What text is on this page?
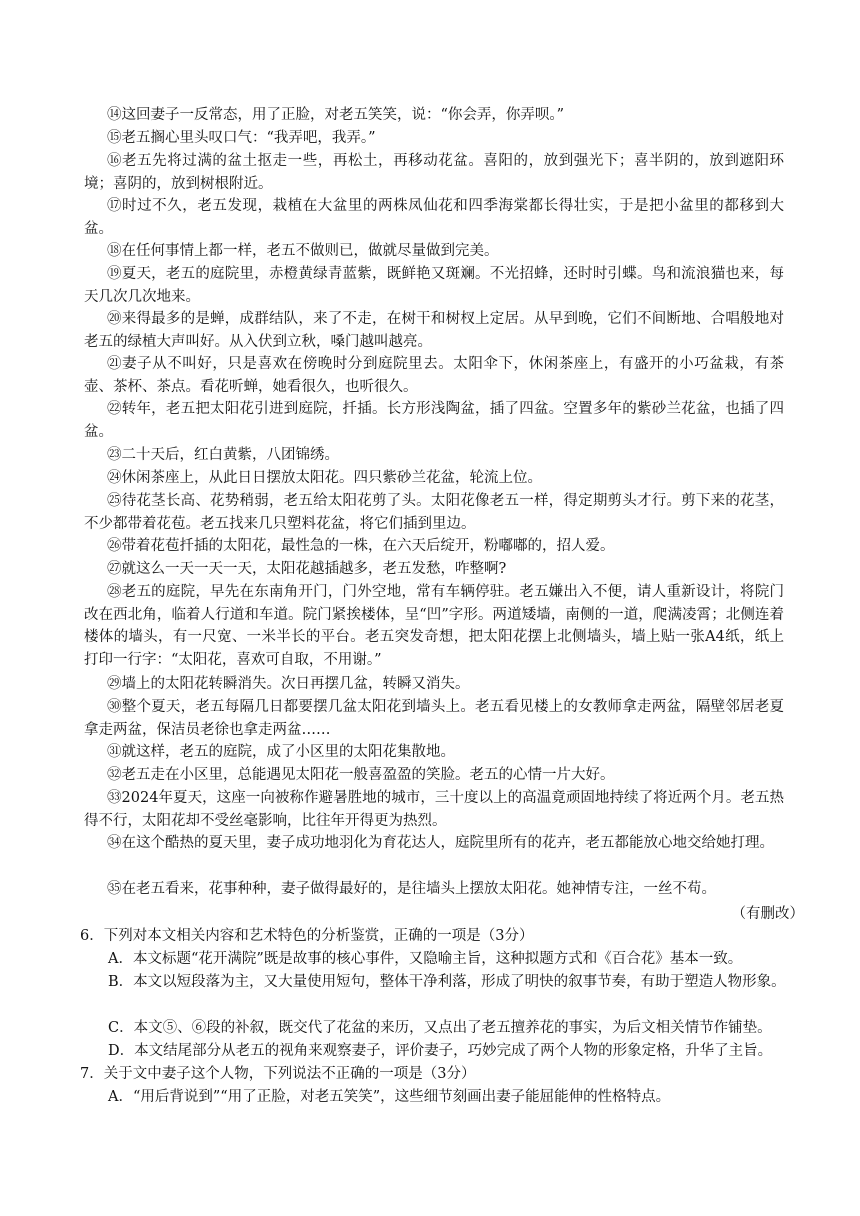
⑭这回妻子一反常态，用了正脸，对老五笑笑，说：“你会弄，你弄呗。”

⑮老五搁心里头叹口气：“我弄吧，我弄。”

⑯老五先将过满的盆土抠走一些，再松土，再移动花盆。喜阳的，放到强光下；喜半阴的，放到遮阳环境；喜阴的，放到树根附近。

⑰时过不久，老五发现，栽植在大盆里的两株凤仙花和四季海棠都长得壮实，于是把小盆里的都移到大盆。

⑱在任何事情上都一样，老五不做则已，做就尽量做到完美。

⑲夏天，老五的庭院里，赤橙黄绿青蓝紫，既鲜艳又斑斓。不光招蜂，还时时引蝶。鸟和流浪猫也来，每天几次几次地来。

⑳来得最多的是蝉，成群结队，来了不走，在树干和树杈上定居。从早到晚，它们不间断地、合唱般地对老五的绿植大声叫好。从入伏到立秋，嗓门越叫越亮。

㉑妻子从不叫好，只是喜欢在傍晚时分到庭院里去。太阳伞下，休闲茶座上，有盛开的小巧盆栽，有茶壶、茶杯、茶点。看花听蝉，她看很久，也听很久。

㉒转年，老五把太阳花引进到庭院，扦插。长方形浅陶盆，插了四盆。空置多年的紫砂兰花盆，也插了四盆。

㉓二十天后，红白黄紫，八团锦绣。

㉔休闲茶座上，从此日日摆放太阳花。四只紫砂兰花盆，轮流上位。

㉕待花茎长高、花势稍弱，老五给太阳花剪了头。太阳花像老五一样，得定期剪头才行。剪下来的花茎，不少都带着花苞。老五找来几只塑料花盆，将它们插到里边。

㉖带着花苞扦插的太阳花，最性急的一株，在六天后绽开，粉嘟嘟的，招人爱。

㉗就这么一天一天一天，太阳花越插越多，老五发愁，咋整啊?

㉘老五的庭院，早先在东南角开门，门外空地，常有车辆停驻。老五嫌出入不便，请人重新设计，将院门改在西北角，临着人行道和车道。院门紧挨楼体，呈“凹”字形。两道矮墙，南侧的一道，爬满凌霄；北侧连着楼体的墙头，有一尺宽、一米半长的平台。老五突发奇想，把太阳花摆上北侧墙头，墙上贴一张A4纸，纸上打印一行字：“太阳花，喜欢可自取，不用谢。”

㉙墙上的太阳花转瞬消失。次日再摆几盆，转瞬又消失。

㉚整个夏天，老五每隔几日都要摆几盆太阳花到墙头上。老五看见楼上的女教师拿走两盆，隔壁邻居老夏拿走两盆，保洁员老徐也拿走两盆……

㉛就这样，老五的庭院，成了小区里的太阳花集散地。

㉜老五走在小区里，总能遇见太阳花一般喜盈盈的笑脸。老五的心情一片大好。

㉝2024年夏天，这座一向被称作避暑胜地的城市，三十度以上的高温竟顽固地持续了将近两个月。老五热得不行，太阳花却不受丝毫影响，比往年开得更为热烈。

㉞在这个酷热的夏天里，妻子成功地羽化为育花达人，庭院里所有的花卉，老五都能放心地交给她打理。

㉟在老五看来，花事种种，妻子做得最好的，是往墙头上摆放太阳花。她神情专注，一丝不苟。

（有删改）

6．下列对本文相关内容和艺术特色的分析鉴赏，正确的一项是（3分）

A．本文标题“花开满院”既是故事的核心事件，又隐喻主旨，这种拟题方式和《百合花》基本一致。

B．本文以短段落为主，又大量使用短句，整体干净利落，形成了明快的叙事节奏，有助于塑造人物形象。

C．本文⑤、⑥段的补叙，既交代了花盆的来历，又点出了老五擅养花的事实，为后文相关情节作铺垫。

D．本文结尾部分从老五的视角来观察妻子，评价妻子，巧妙完成了两个人物的形象定格，升华了主旨。

7．关于文中妻子这个人物，下列说法不正确的一项是（3分）

A．“用后背说到”“用了正脸，对老五笑笑”，这些细节刻画出妻子能屈能伸的性格特点。
